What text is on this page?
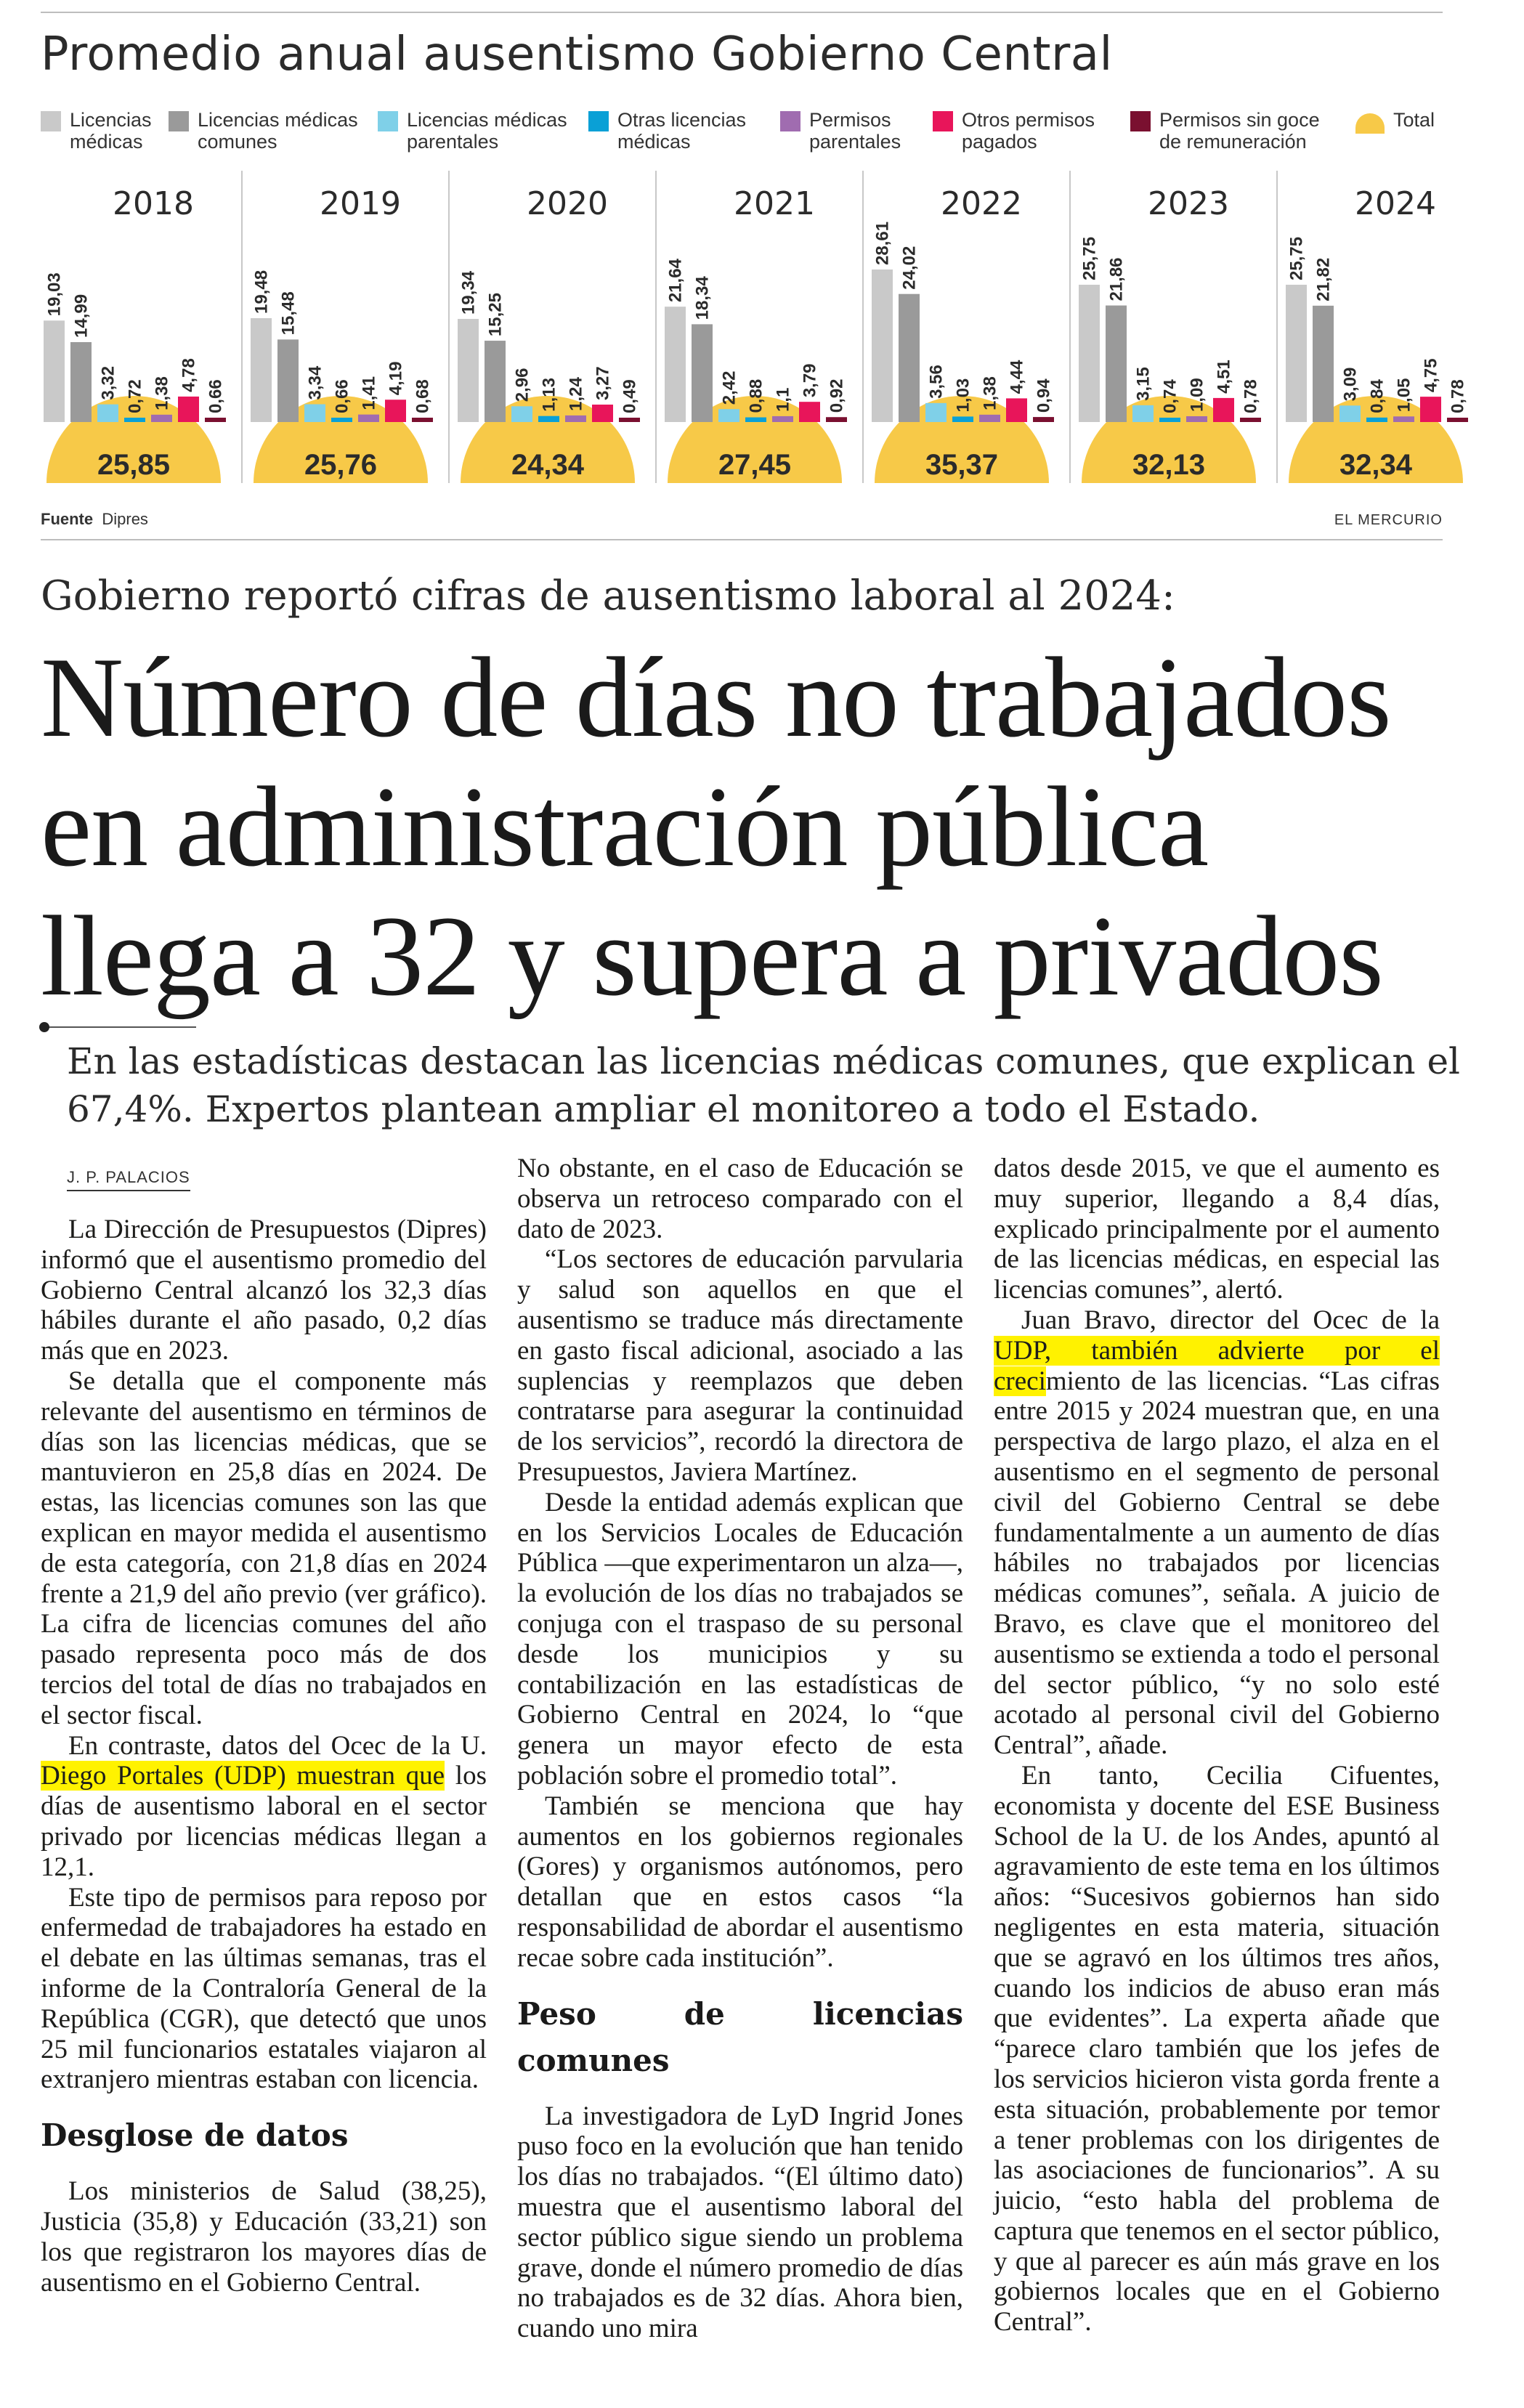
Promedio anual ausentismo Gobierno Central
Licencias
médicas
Licencias médicas
comunes
Licencias médicas
parentales
Otras licencias
médicas
Permisos
parentales
Otros permisos
pagados
Permisos sin goce
de remuneración
Total
25,85
2018
19,03 14,99
3,32 0,72 1,38
4,78
0,66
25,76
2019
19,48 15,48
3,34 0,66 1,41 4,19
0,68
24,34
2020
19,34 15,25
2,96 1,13 1,24 3,27 0,49
27,45
2021
21,64 18,34
2,42 0,88 1,1
3,79 0,92
35,37
2022
28,61
24,02
3,56 1,03 1,38 4,44
0,94
32,13
2023
25,75 21,86
3,15 0,74 1,09
4,51
0,78
32,34
2024
25,75 21,82
3,09 0,84 1,05
4,75
0,78
Fuente Dipres	EL MERCURIO
Gobierno reportó cifras de ausentismo laboral al 2024:
Número de días no trabajados
en administración pública
llega a 32 y supera a privados
En las estadísticas destacan las licencias médicas comunes, que explican el 67,4%. Expertos plantean ampliar el monitoreo a todo el Estado.
J. P. PALACIOS

La Dirección de Presupuestos (Dipres) informó que el ausentismo promedio del Gobierno Central alcanzó los 32,3 días hábiles durante el año pasado, 0,2 días más que en 2023.

Se detalla que el componente más relevante del ausentismo en términos de días son las licencias médicas, que se mantuvieron en 25,8 días en 2024. De estas, las licencias comunes son las que explican en mayor medida el ausentismo de esta categoría, con 21,8 días en 2024 frente a 21,9 del año previo (ver gráfico). La cifra de licencias comunes del año pasado representa poco más de dos tercios del total de días no trabajados en el sector fiscal.

En contraste, datos del Ocec de la U. Diego Portales (UDP) muestran que los días de ausentismo laboral en el sector privado por licencias médicas llegan a 12,1.

Este tipo de permisos para reposo por enfermedad de trabajadores ha estado en el debate en las últimas semanas, tras el informe de la Contraloría General de la República (CGR), que detectó que unos 25 mil funcionarios estatales viajaron al extranjero mientras estaban con licencia.

Desglose de datos

Los ministerios de Salud (38,25), Justicia (35,8) y Educación (33,21) son los que registraron los mayores días de ausentismo en el Gobierno Central.

No obstante, en el caso de Educación se observa un retroceso comparado con el dato de 2023.

“Los sectores de educación parvularia y salud son aquellos en que el ausentismo se traduce más directamente en gasto fiscal adicional, asociado a las suplencias y reemplazos que deben contratarse para asegurar la continuidad de los servicios”, recordó la directora de Presupuestos, Javiera Martínez.

Desde la entidad además explican que en los Servicios Locales de Educación Pública —que experimentaron un alza—, la evolución de los días no trabajados se conjuga con el traspaso de su personal desde los municipios y su contabilización en las estadísticas de Gobierno Central en 2024, lo “que genera un mayor efecto de esta población sobre el promedio total”.

También se menciona que hay aumentos en los gobiernos regionales (Gores) y organismos autónomos, pero detallan que en estos casos “la responsabilidad de abordar el ausentismo recae sobre cada institución”.

Peso de licencias comunes

La investigadora de LyD Ingrid Jones puso foco en la evolución que han tenido los días no trabajados. “(El último dato) muestra que el ausentismo laboral del sector público sigue siendo un problema grave, donde el número promedio de días no trabajados es de 32 días. Ahora bien, cuando uno mira

datos desde 2015, ve que el aumento es muy superior, llegando a 8,4 días, explicado principalmente por el aumento de las licencias médicas, en especial las licencias comunes”, alertó.

Juan Bravo, director del Ocec de la UDP, también advierte por el crecimiento de las licencias. “Las cifras entre 2015 y 2024 muestran que, en una perspectiva de largo plazo, el alza en el ausentismo en el segmento de personal civil del Gobierno Central se debe fundamentalmente a un aumento de días hábiles no trabajados por licencias médicas comunes”, señala. A juicio de Bravo, es clave que el monitoreo del ausentismo se extienda a todo el personal del sector público, “y no solo esté acotado al personal civil del Gobierno Central”, añade.

En tanto, Cecilia Cifuentes, economista y docente del ESE Business School de la U. de los Andes, apuntó al agravamiento de este tema en los últimos años: “Sucesivos gobiernos han sido negligentes en esta materia, situación que se agravó en los últimos tres años, cuando los indicios de abuso eran más que evidentes”. La experta añade que “parece claro también que los jefes de los servicios hicieron vista gorda frente a esta situación, probablemente por temor a tener problemas con los dirigentes de las asociaciones de funcionarios”. A su juicio, “esto habla del problema de captura que tenemos en el sector público, y que al parecer es aún más grave en los gobiernos locales que en el Gobierno Central”.
